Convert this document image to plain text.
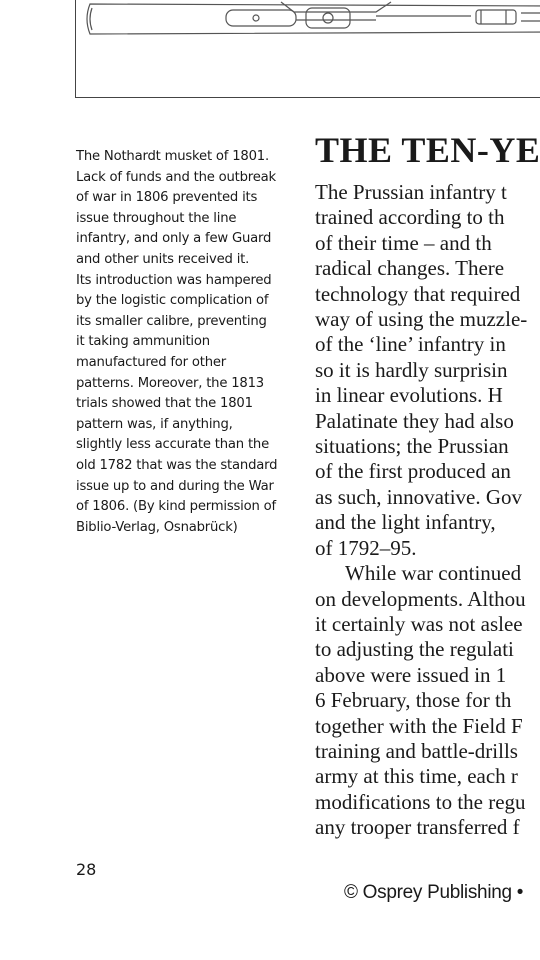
The Nothardt musket of 1801.
Lack of funds and the outbreak
of war in 1806 prevented its
issue throughout the line
infantry, and only a few Guard
and other units received it.
Its introduction was hampered
by the logistic complication of
its smaller calibre, preventing
it taking ammunition
manufactured for other
patterns. Moreover, the 1813
trials showed that the 1801
pattern was, if anything,
slightly less accurate than the
old 1782 that was the standard
issue up to and during the War
of 1806. (By kind permission of
Biblio-Verlag, Osnabrück)
THE TEN-YE
The Prussian infantry t
trained according to th
of their time – and th
radical changes. There
technology that required
way of using the muzzle-
of the ‘line’ infantry in
so it is hardly surprisin
in linear evolutions. H
Palatinate they had also
situations; the Prussian
of the first produced an
as such, innovative. Gov
and the light infantry,
of 1792–95.
While war continued
on developments. Althou
it certainly was not aslee
to adjusting the regulati
above were issued in 1
6 February, those for th
together with the Field F
training and battle-drills
army at this time, each r
modifications to the regu
any trooper transferred f
28
© Osprey Publishing •
